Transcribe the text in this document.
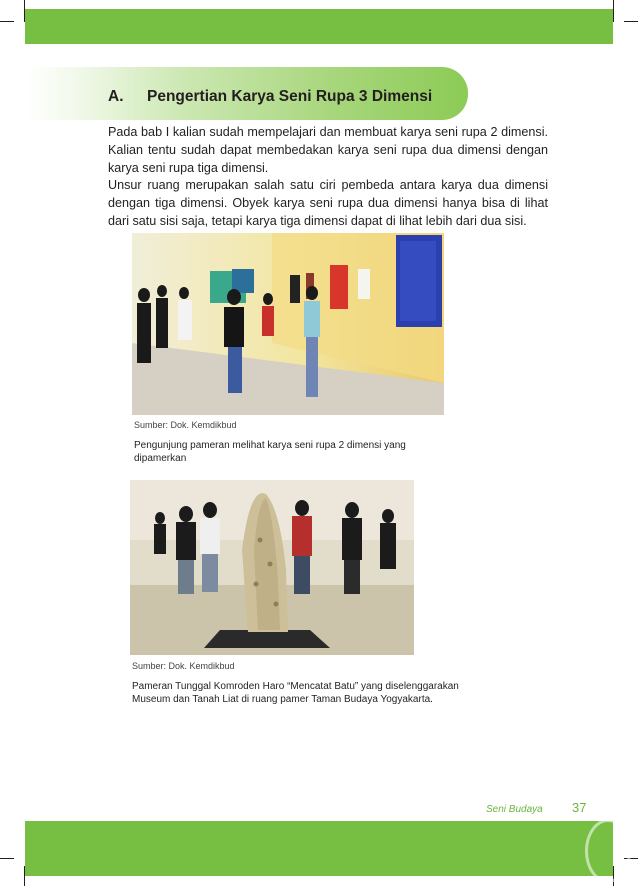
A. Pengertian Karya Seni Rupa 3 Dimensi

Pada bab I kalian sudah mempelajari dan membuat karya seni rupa 2 dimensi. Kalian tentu sudah dapat membedakan karya seni rupa dua dimensi dengan karya seni rupa tiga dimensi.

Unsur ruang merupakan salah satu ciri pembeda antara karya dua dimensi dengan tiga dimensi. Obyek karya seni rupa dua dimensi hanya bisa di lihat dari satu sisi saja, tetapi karya tiga dimensi dapat di lihat lebih dari dua sisi.

Sumber: Dok. Kemdikbud

Pengunjung pameran melihat karya seni rupa 2 dimensi yang dipamerkan

Sumber: Dok. Kemdikbud

Pameran Tunggal Komroden Haro “Mencatat Batu” yang diselenggarakan Museum dan Tanah Liat di ruang pamer Taman Budaya Yogyakarta.

Seni Budaya 37
